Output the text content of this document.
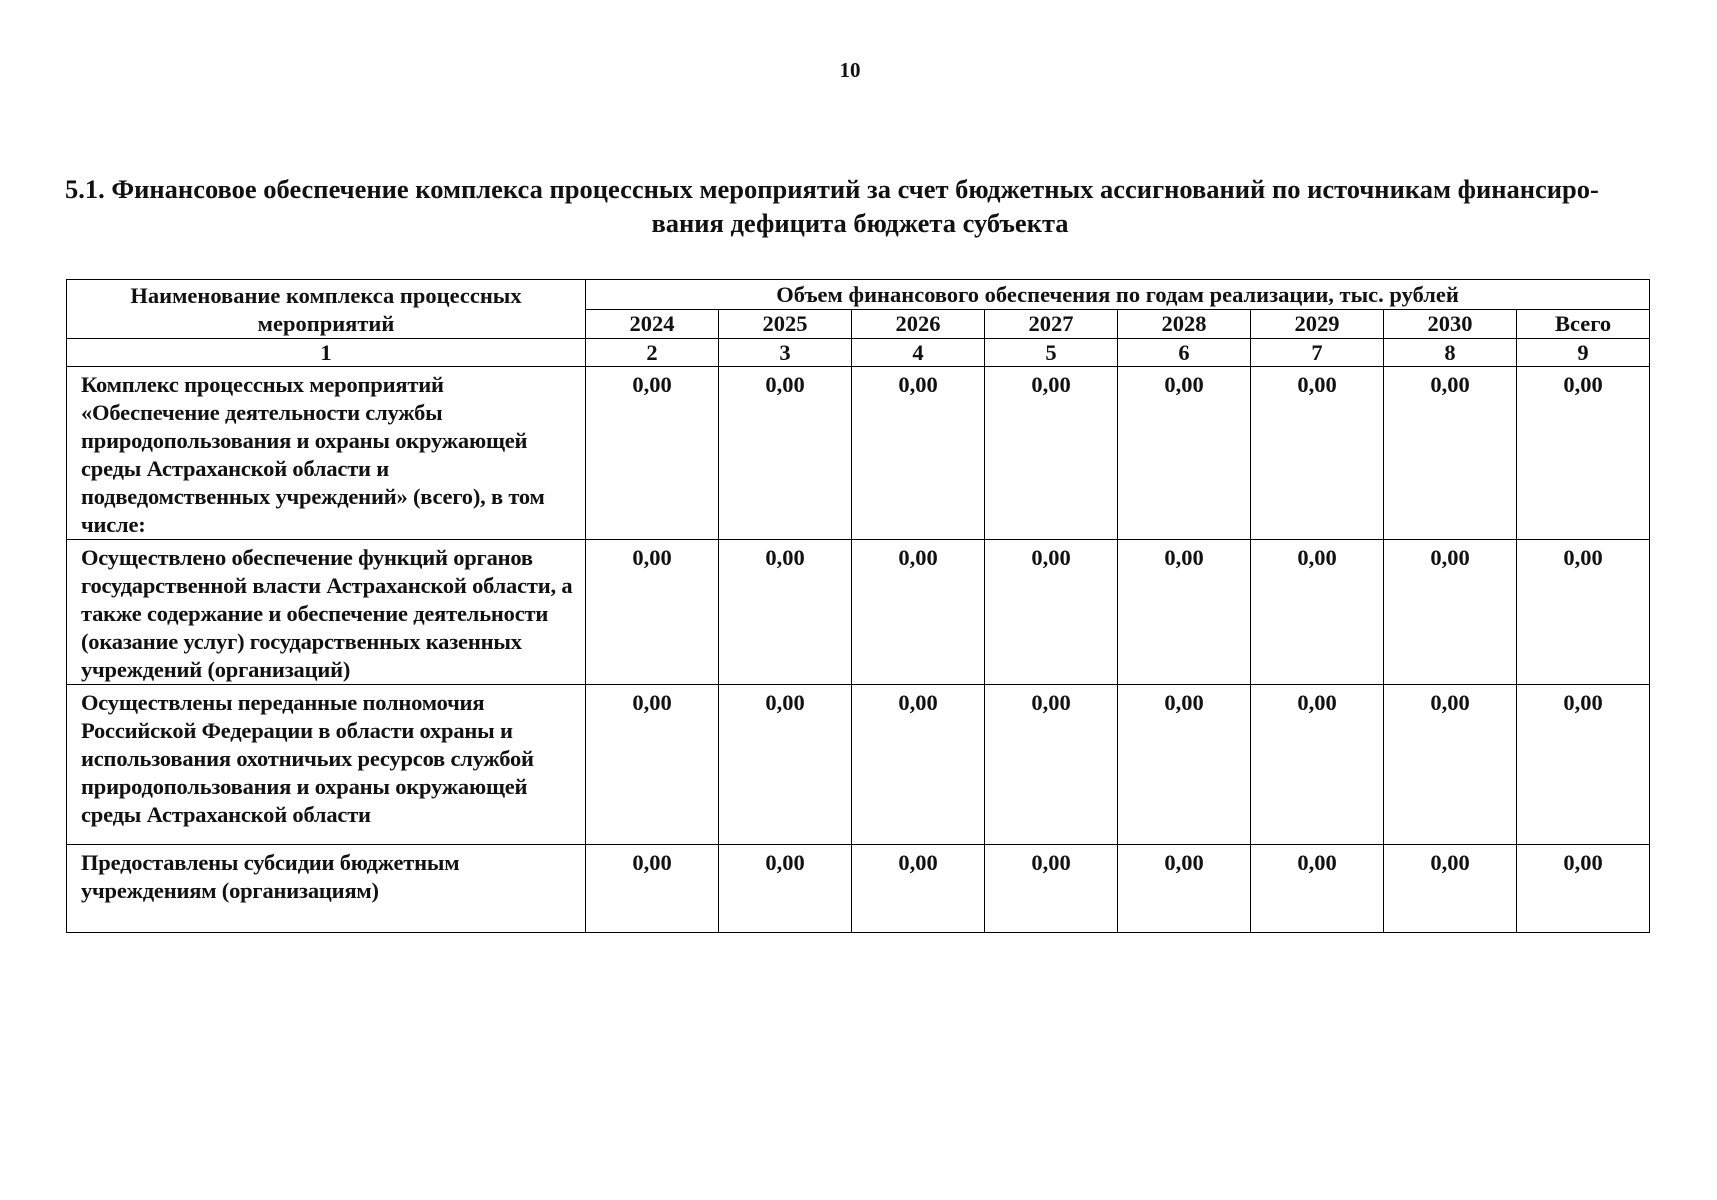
10
5.1. Финансовое обеспечение комплекса процессных мероприятий за счет бюджетных ассигнований по источникам финансиро-
вания дефицита бюджета субъекта
Наименование комплекса процессных мероприятий	Объем финансового обеспечения по годам реализации, тыс. рублей							
	2024	2025	2026	2027	2028	2029	2030	Всего
1	2	3	4	5	6	7	8	9
Комплекс процессных мероприятий «Обеспечение деятельности службы природопользования и охраны окружающей среды Астраханской области и подведомственных учреждений» (всего), в том числе:	0,00	0,00	0,00	0,00	0,00	0,00	0,00	0,00
Осуществлено обеспечение функций органов государственной власти Астраханской области, а также содержание и обеспечение деятельности (оказание услуг) государственных казенных учреждений (организаций)	0,00	0,00	0,00	0,00	0,00	0,00	0,00	0,00
Осуществлены переданные полномочия Российской Федерации в области охраны и использования охотничьих ресурсов службой природопользования и охраны окружающей среды Астраханской области	0,00	0,00	0,00	0,00	0,00	0,00	0,00	0,00
Предоставлены субсидии бюджетным учреждениям (организациям)	0,00	0,00	0,00	0,00	0,00	0,00	0,00	0,00
